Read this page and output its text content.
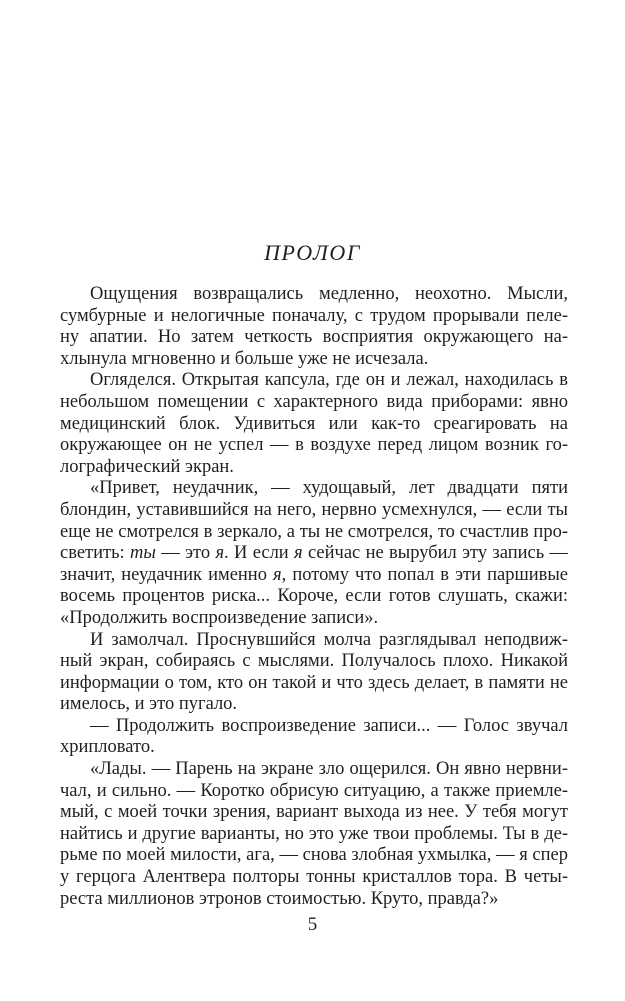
ПРОЛОГ
Ощущения возвращались медленно, неохотно. Мысли,
сумбурные и нелогичные поначалу, с трудом прорывали пеле-
ну апатии. Но затем четкость восприятия окружающего на-
хлынула мгновенно и больше уже не исчезала.
Огляделся. Открытая капсула, где он и лежал, находилась в
небольшом помещении с характерного вида приборами: явно
медицинский блок. Удивиться или как-то среагировать на
окружающее он не успел — в воздухе перед лицом возник го-
лографический экран.
«Привет, неудачник, — худощавый, лет двадцати пяти
блондин, уставившийся на него, нервно усмехнулся, — если ты
еще не смотрелся в зеркало, а ты не смотрелся, то счастлив про-
светить: ты — это я. И если я сейчас не вырубил эту запись —
значит, неудачник именно я, потому что попал в эти паршивые
восемь процентов риска... Короче, если готов слушать, скажи:
«Продолжить воспроизведение записи».
И замолчал. Проснувшийся молча разглядывал неподвиж-
ный экран, собираясь с мыслями. Получалось плохо. Никакой
информации о том, кто он такой и что здесь делает, в памяти не
имелось, и это пугало.
— Продолжить воспроизведение записи... — Голос звучал
хрипловато.
«Лады. — Парень на экране зло ощерился. Он явно нервни-
чал, и сильно. — Коротко обрисую ситуацию, а также приемле-
мый, с моей точки зрения, вариант выхода из нее. У тебя могут
найтись и другие варианты, но это уже твои проблемы. Ты в де-
рьме по моей милости, ага, — снова злобная ухмылка, — я спер
у герцога Алентвера полторы тонны кристаллов тора. В четы-
реста миллионов этронов стоимостью. Круто, правда?»
5
